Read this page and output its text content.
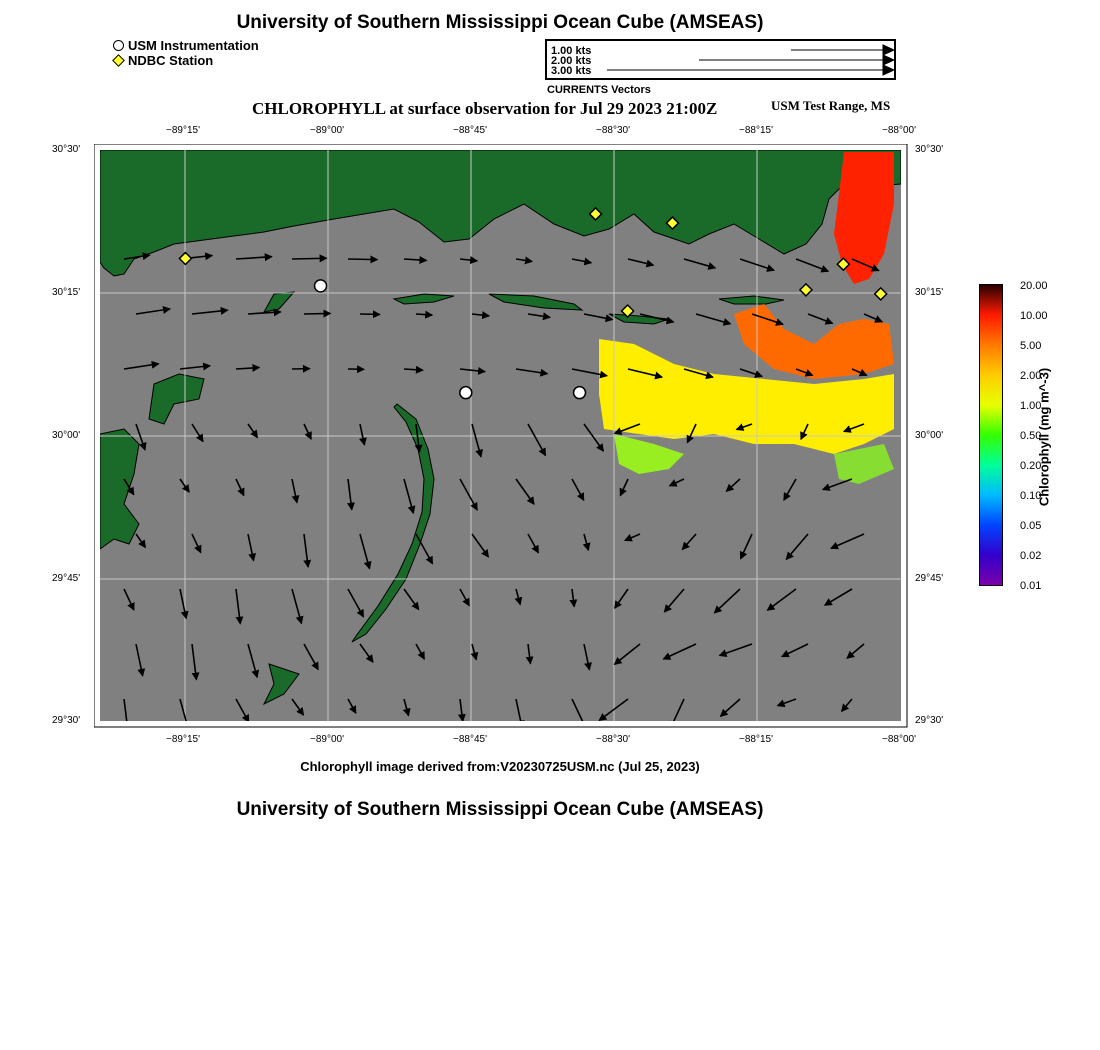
University of Southern Mississippi Ocean Cube (AMSEAS)
USM Instrumentation
NDBC Station
1.00 kts
2.00 kts
3.00 kts
CURRENTS Vectors
CHLOROPHYLL at surface observation for Jul 29 2023 21:00Z	USM Test Range, MS
−89°15'	−89°00'	−88°45'	−88°30'	−88°15'	−88°00'
−89°15'	−89°00'	−88°45'	−88°30'	−88°15'	−88°00'
30°30'
30°15'
30°00'
29°45'
29°30'
30°30'
30°15'
30°00'
29°45'
29°30'
20.00
10.00
5.00
2.00
1.00
0.50
0.20
0.10
0.05
0.02
0.01
Chlorophyll (mg m^-3)
Chlorophyll image derived from:V20230725USM.nc (Jul 25, 2023)
University of Southern Mississippi Ocean Cube (AMSEAS)
